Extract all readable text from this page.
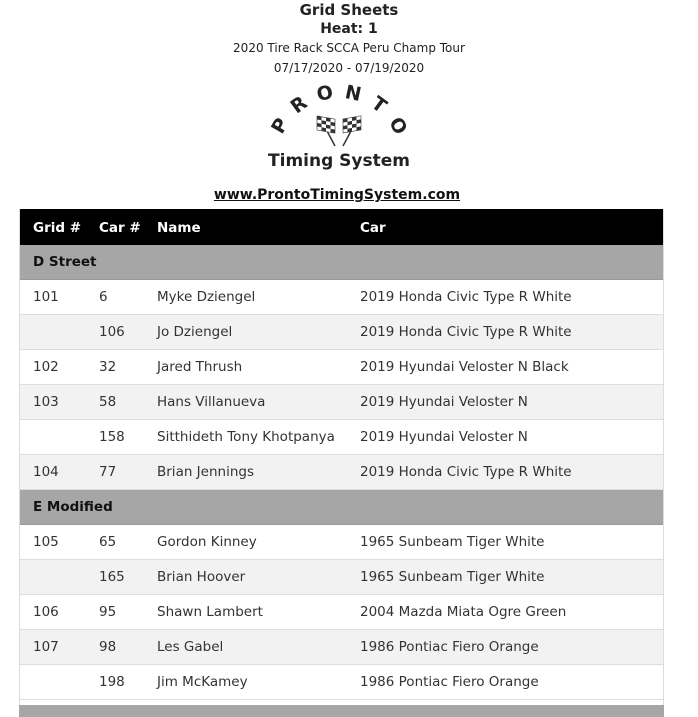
Grid Sheets
Heat: 1
2020 Tire Rack SCCA Peru Champ Tour
07/17/2020 - 07/19/2020
P
R O N T
O
Timing System
www.ProntoTimingSystem.com
Grid #	Car #	Name	Car
D Street			
101	6	Myke Dziengel	2019 Honda Civic Type R White
	106	Jo Dziengel	2019 Honda Civic Type R White
102	32	Jared Thrush	2019 Hyundai Veloster N Black
103	58	Hans Villanueva	2019 Hyundai Veloster N
	158	Sitthideth Tony Khotpanya	2019 Hyundai Veloster N
104	77	Brian Jennings	2019 Honda Civic Type R White
E Modified			
105	65	Gordon Kinney	1965 Sunbeam Tiger White
	165	Brian Hoover	1965 Sunbeam Tiger White
106	95	Shawn Lambert	2004 Mazda Miata Ogre Green
107	98	Les Gabel	1986 Pontiac Fiero Orange
	198	Jim McKamey	1986 Pontiac Fiero Orange
